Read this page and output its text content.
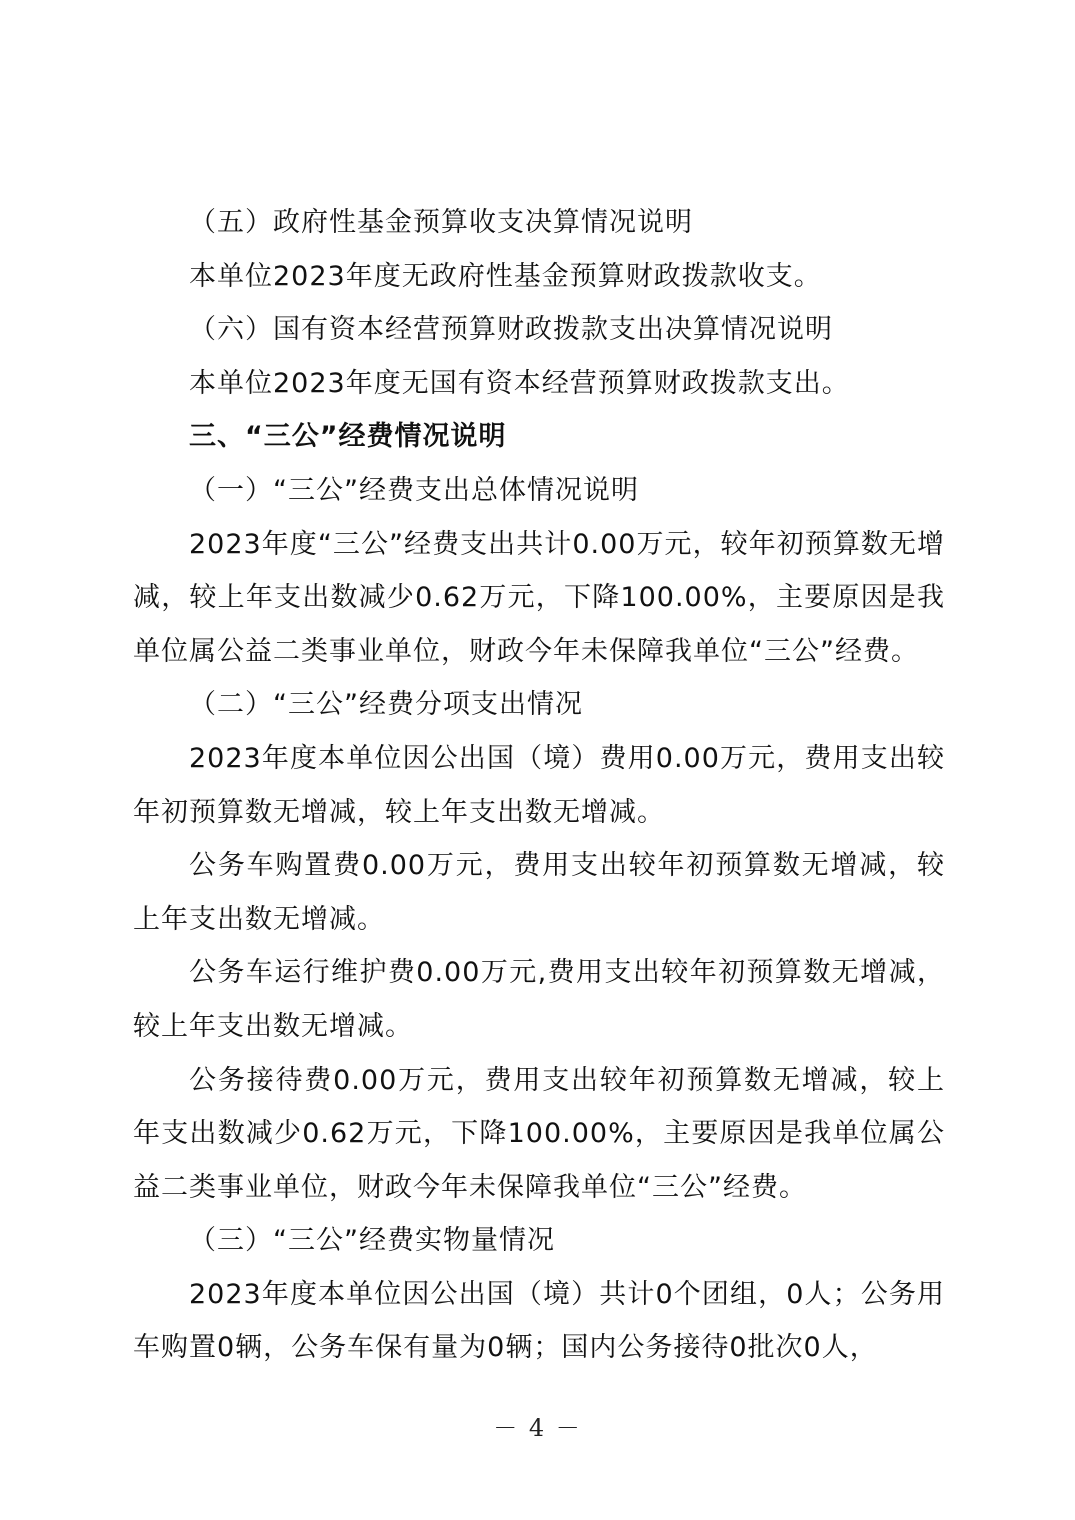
（五）政府性基金预算收支决算情况说明

本单位2023年度无政府性基金预算财政拨款收支。

（六）国有资本经营预算财政拨款支出决算情况说明

本单位2023年度无国有资本经营预算财政拨款支出。

三、“三公”经费情况说明

（一）“三公”经费支出总体情况说明

2023年度“三公”经费支出共计0.00万元，较年初预算数无增减，较上年支出数减少0.62万元，下降100.00%，主要原因是我单位属公益二类事业单位，财政今年未保障我单位“三公”经费。

（二）“三公”经费分项支出情况

2023年度本单位因公出国（境）费用0.00万元，费用支出较年初预算数无增减，较上年支出数无增减。

公务车购置费0.00万元，费用支出较年初预算数无增减，较上年支出数无增减。

公务车运行维护费0.00万元,费用支出较年初预算数无增减，较上年支出数无增减。

公务接待费0.00万元，费用支出较年初预算数无增减，较上年支出数减少0.62万元，下降100.00%，主要原因是我单位属公益二类事业单位，财政今年未保障我单位“三公”经费。

（三）“三公”经费实物量情况

2023年度本单位因公出国（境）共计0个团组，0人；公务用车购置0辆，公务车保有量为0辆；国内公务接待0批次0人，

－ 4 －
